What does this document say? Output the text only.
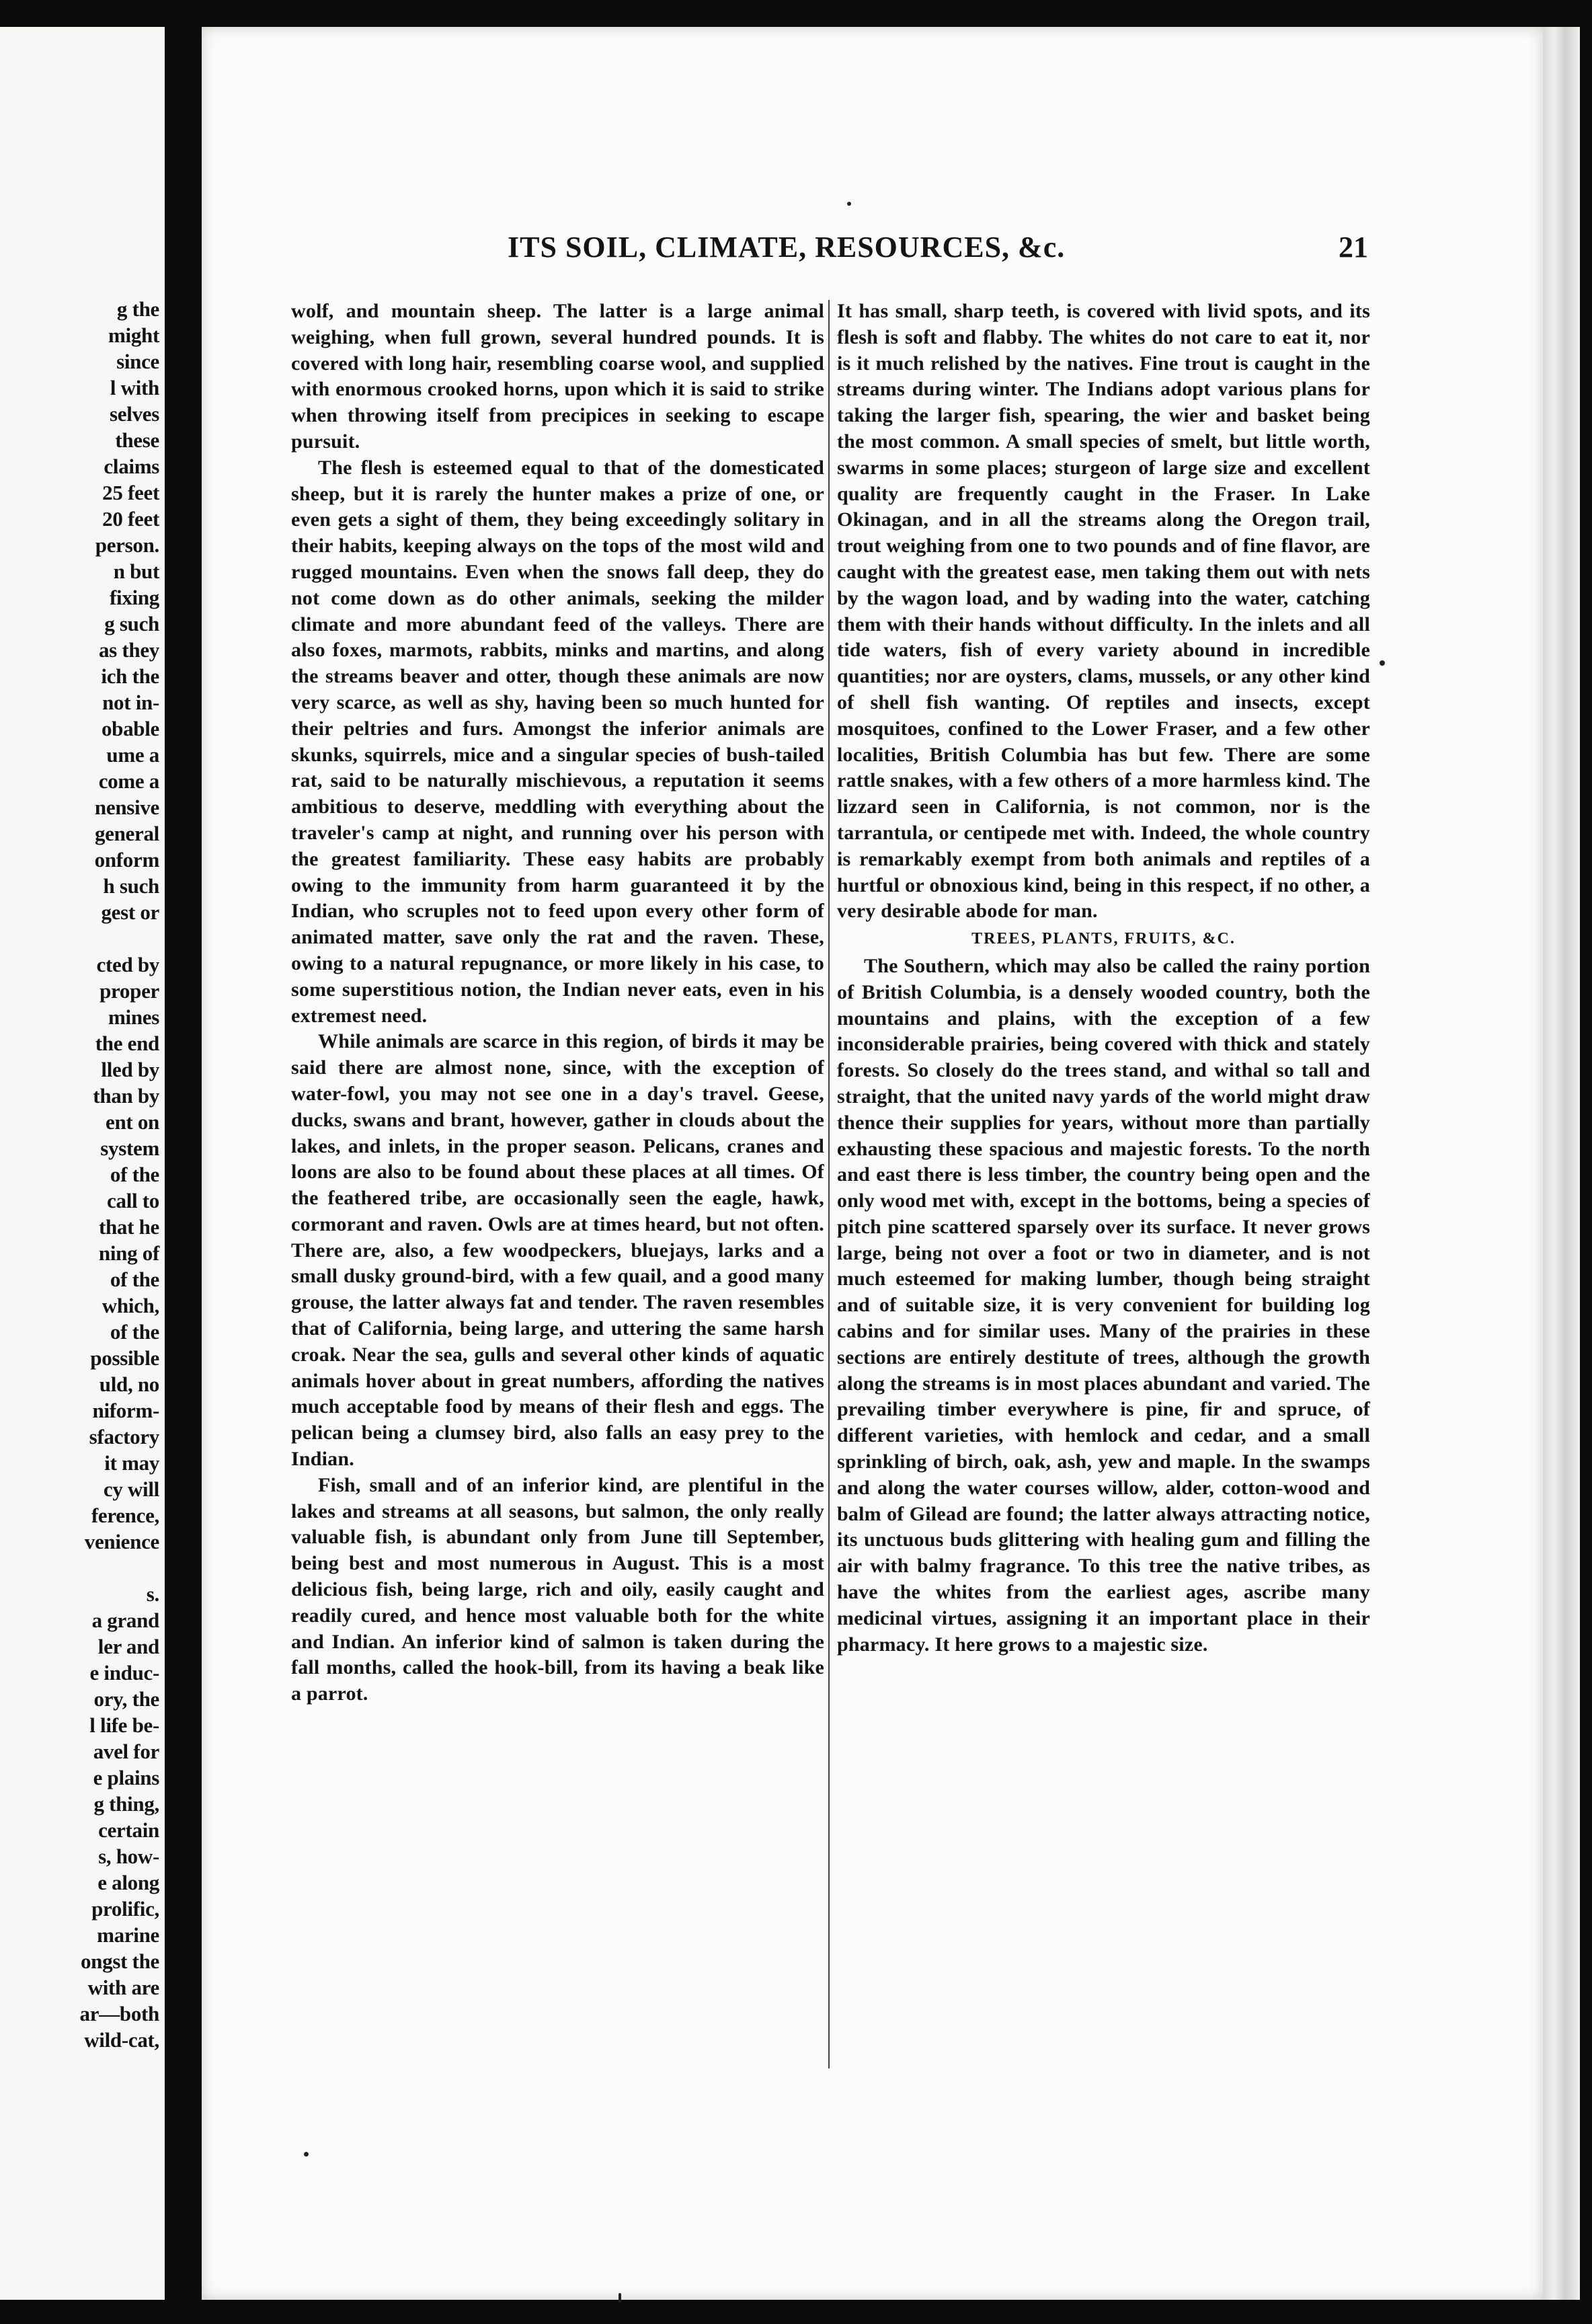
g the
might
since
l with
selves
these
claims
25 feet
20 feet
person.
n but
fixing
g such
as they
ich the
not in-
obable
ume a
come a
nensive
general
onform
h such
gest or
cted by
proper
mines
the end
lled by
than by
ent on
system
of the
call to
that he
ning of
of the
which,
of the
possible
uld, no
niform-
sfactory
it may
cy will
ference,
venience
s.
a grand
ler and
e induc-
ory, the
l life be-
avel for
e plains
g thing,
certain
s, how-
e along
prolific,
marine
ongst the
with are
ar—both
wild-cat,
ITS SOIL, CLIMATE, RESOURCES, &c.	21

wolf, and mountain sheep. The latter is a large animal weighing, when full grown, several hundred pounds. It is covered with long hair, resembling coarse wool, and supplied with enormous crooked horns, upon which it is said to strike when throwing itself from precipices in seeking to escape pursuit.

The flesh is esteemed equal to that of the domesticated sheep, but it is rarely the hunter makes a prize of one, or even gets a sight of them, they being exceedingly solitary in their habits, keeping always on the tops of the most wild and rugged mountains. Even when the snows fall deep, they do not come down as do other animals, seeking the milder climate and more abundant feed of the valleys. There are also foxes, marmots, rabbits, minks and martins, and along the streams beaver and otter, though these animals are now very scarce, as well as shy, having been so much hunted for their peltries and furs. Amongst the inferior animals are skunks, squirrels, mice and a singular species of bush-tailed rat, said to be naturally mischievous, a reputation it seems ambitious to deserve, meddling with everything about the traveler's camp at night, and running over his person with the greatest familiarity. These easy habits are probably owing to the immunity from harm guaranteed it by the Indian, who scruples not to feed upon every other form of animated matter, save only the rat and the raven. These, owing to a natural repugnance, or more likely in his case, to some superstitious notion, the Indian never eats, even in his extremest need.

While animals are scarce in this region, of birds it may be said there are almost none, since, with the exception of water-fowl, you may not see one in a day's travel. Geese, ducks, swans and brant, however, gather in clouds about the lakes, and inlets, in the proper season. Pelicans, cranes and loons are also to be found about these places at all times. Of the feathered tribe, are occasionally seen the eagle, hawk, cormorant and raven. Owls are at times heard, but not often. There are, also, a few woodpeckers, bluejays, larks and a small dusky ground-bird, with a few quail, and a good many grouse, the latter always fat and tender. The raven resembles that of California, being large, and uttering the same harsh croak. Near the sea, gulls and several other kinds of aquatic animals hover about in great numbers, affording the natives much acceptable food by means of their flesh and eggs. The pelican being a clumsey bird, also falls an easy prey to the Indian.

Fish, small and of an inferior kind, are plentiful in the lakes and streams at all seasons, but salmon, the only really valuable fish, is abundant only from June till September, being best and most numerous in August. This is a most delicious fish, being large, rich and oily, easily caught and readily cured, and hence most valuable both for the white and Indian. An inferior kind of salmon is taken during the fall months, called the hook-bill, from its having a beak like a parrot.

It has small, sharp teeth, is covered with livid spots, and its flesh is soft and flabby. The whites do not care to eat it, nor is it much relished by the natives. Fine trout is caught in the streams during winter. The Indians adopt various plans for taking the larger fish, spearing, the wier and basket being the most common. A small species of smelt, but little worth, swarms in some places; sturgeon of large size and excellent quality are frequently caught in the Fraser. In Lake Okinagan, and in all the streams along the Oregon trail, trout weighing from one to two pounds and of fine flavor, are caught with the greatest ease, men taking them out with nets by the wagon load, and by wading into the water, catching them with their hands without difficulty. In the inlets and all tide waters, fish of every variety abound in incredible quantities; nor are oysters, clams, mussels, or any other kind of shell fish wanting. Of reptiles and insects, except mosquitoes, confined to the Lower Fraser, and a few other localities, British Columbia has but few. There are some rattle snakes, with a few others of a more harmless kind. The lizzard seen in California, is not common, nor is the tarrantula, or centipede met with. Indeed, the whole country is remarkably exempt from both animals and reptiles of a hurtful or obnoxious kind, being in this respect, if no other, a very desirable abode for man.

TREES, PLANTS, FRUITS, &C.

The Southern, which may also be called the rainy portion of British Columbia, is a densely wooded country, both the mountains and plains, with the exception of a few inconsiderable prairies, being covered with thick and stately forests. So closely do the trees stand, and withal so tall and straight, that the united navy yards of the world might draw thence their supplies for years, without more than partially exhausting these spacious and majestic forests. To the north and east there is less timber, the country being open and the only wood met with, except in the bottoms, being a species of pitch pine scattered sparsely over its surface. It never grows large, being not over a foot or two in diameter, and is not much esteemed for making lumber, though being straight and of suitable size, it is very convenient for building log cabins and for similar uses. Many of the prairies in these sections are entirely destitute of trees, although the growth along the streams is in most places abundant and varied. The prevailing timber everywhere is pine, fir and spruce, of different varieties, with hemlock and cedar, and a small sprinkling of birch, oak, ash, yew and maple. In the swamps and along the water courses willow, alder, cotton-wood and balm of Gilead are found; the latter always attracting notice, its unctuous buds glittering with healing gum and filling the air with balmy fragrance. To this tree the native tribes, as have the whites from the earliest ages, ascribe many medicinal virtues, assigning it an important place in their pharmacy. It here grows to a majestic size.
